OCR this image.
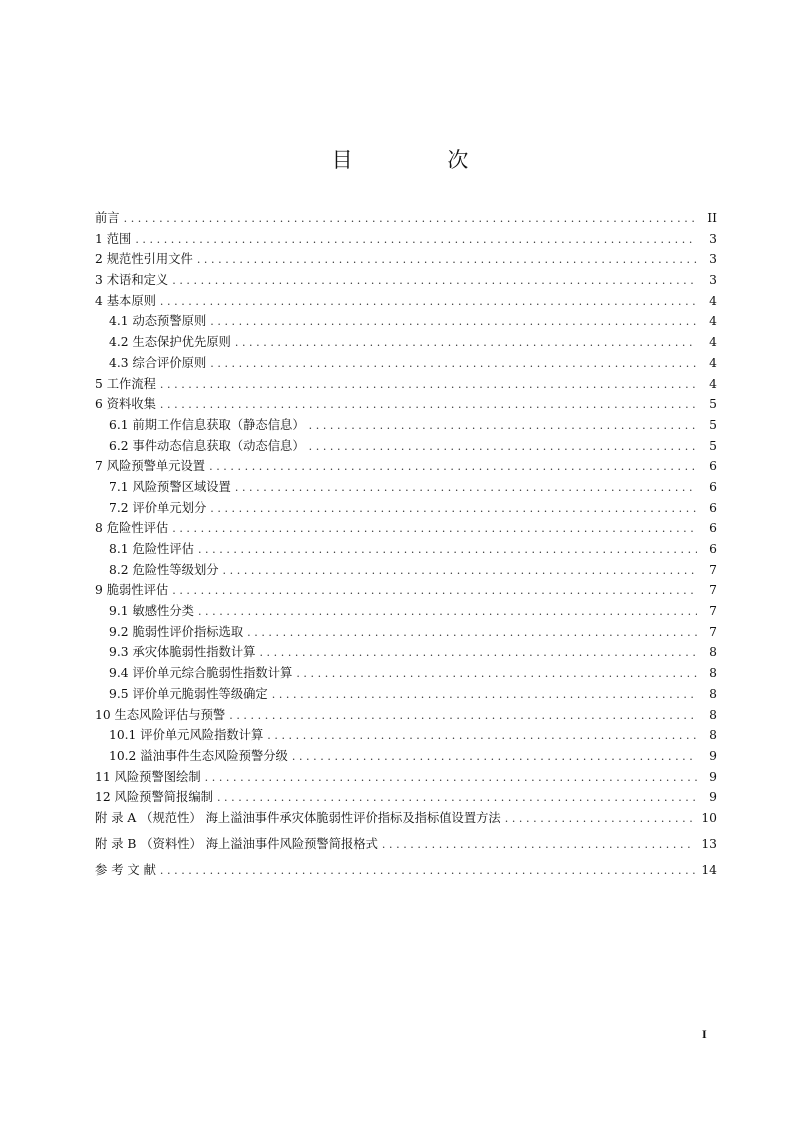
目 次
前言 .....	II
1 范围 .....	3
2 规范性引用文件 .....	3
3 术语和定义 .....	3
4 基本原则 .....	4
4.1 动态预警原则 .....	4
4.2 生态保护优先原则 .....	4
4.3 综合评价原则 .....	4
5 工作流程 .....	4
6 资料收集 .....	5
6.1 前期工作信息获取（静态信息） .....	5
6.2 事件动态信息获取（动态信息） .....	5
7 风险预警单元设置 .....	6
7.1 风险预警区域设置 .....	6
7.2 评价单元划分 .....	6
8 危险性评估 .....	6
8.1 危险性评估 .....	6
8.2 危险性等级划分 .....	7
9 脆弱性评估 .....	7
9.1 敏感性分类 .....	7
9.2 脆弱性评价指标选取 .....	7
9.3 承灾体脆弱性指数计算 .....	8
9.4 评价单元综合脆弱性指数计算 .....	8
9.5 评价单元脆弱性等级确定 .....	8
10 生态风险评估与预警 .....	8
10.1 评价单元风险指数计算 .....	8
10.2 溢油事件生态风险预警分级 .....	9
11 风险预警图绘制 .....	9
12 风险预警简报编制 .....	9
附 录 A （规范性） 海上溢油事件承灾体脆弱性评价指标及指标值设置方法 .....	10
附 录 B （资料性） 海上溢油事件风险预警简报格式 .....	13
参 考 文 献 .....	14
I
